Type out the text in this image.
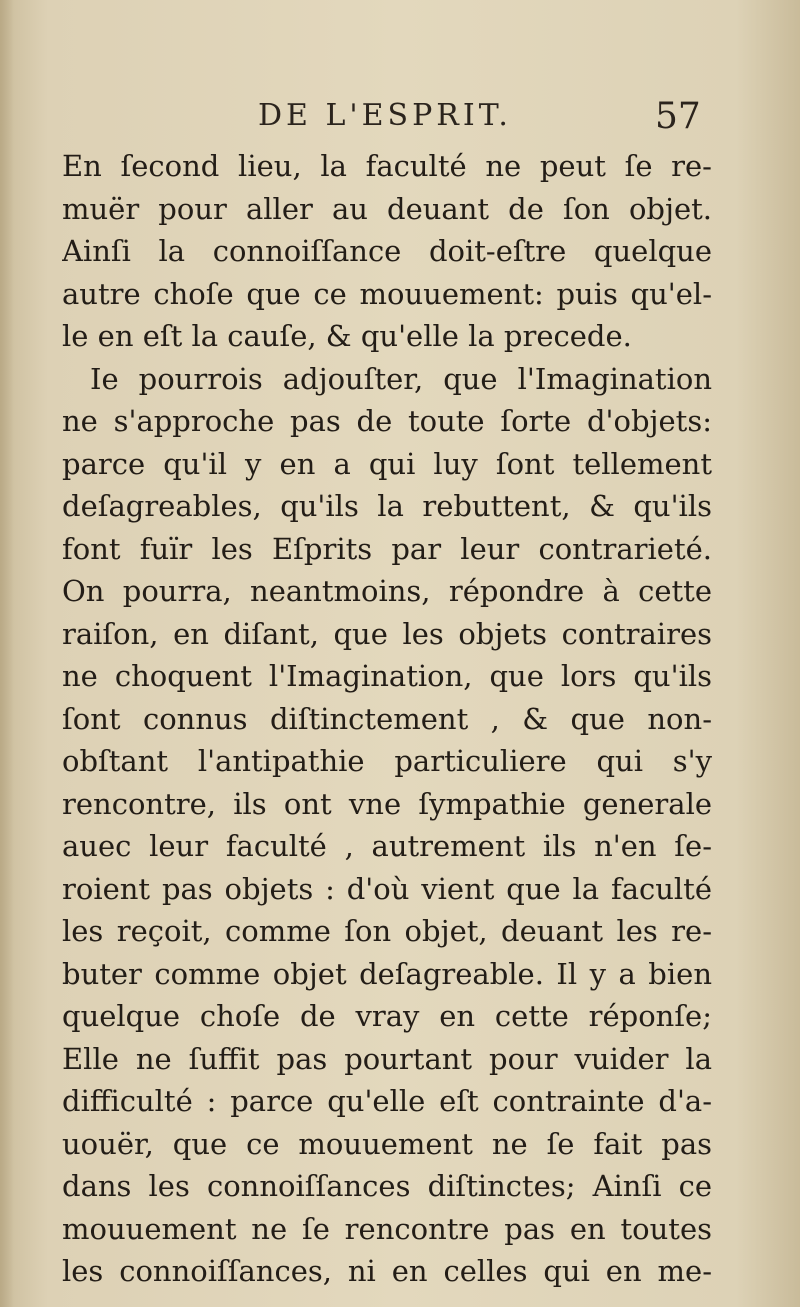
DE L'ESPRIT.	57
En ſecond lieu, la faculté ne peut ſe re-
muër pour aller au deuant de ſon objet.
Ainſi la connoiſſance doit-eſtre quelque
autre choſe que ce mouuement: puis qu'el-
le en eſt la cauſe, & qu'elle la precede.
Ie pourrois adjouſter, que l'Imagination
ne s'approche pas de toute ſorte d'objets:
parce qu'il y en a qui luy ſont tellement
deſagreables, qu'ils la rebuttent, & qu'ils
font fuïr les Eſprits par leur contrarieté.
On pourra, neantmoins, répondre à cette
raiſon, en diſant, que les objets contraires
ne choquent l'Imagination, que lors qu'ils
ſont connus diſtinctement , & que non-
obſtant l'antipathie particuliere qui s'y
rencontre, ils ont vne ſympathie generale
auec leur faculté , autrement ils n'en ſe-
roient pas objets : d'où vient que la faculté
les reçoit, comme ſon objet, deuant les re-
buter comme objet deſagreable. Il y a bien
quelque choſe de vray en cette réponſe;
Elle ne ſuffit pas pourtant pour vuider la
difficulté : parce qu'elle eſt contrainte d'a-
uouër, que ce mouuement ne ſe fait pas
dans les connoiſſances diſtinctes; Ainſi ce
mouuement ne ſe rencontre pas en toutes
les connoiſſances, ni en celles qui en me-
